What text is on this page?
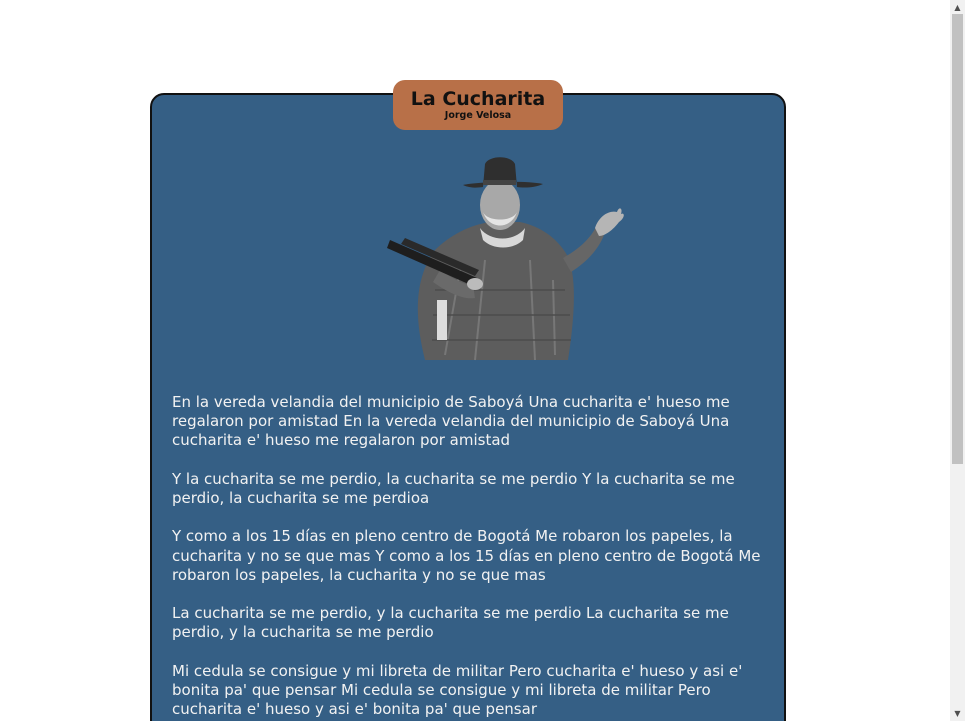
La Cucharita
Jorge Velosa

En la vereda velandia del municipio de Saboyá Una cucharita e' hueso me regalaron por amistad En la vereda velandia del municipio de Saboyá Una cucharita e' hueso me regalaron por amistad

Y la cucharita se me perdio, la cucharita se me perdio Y la cucharita se me perdio, la cucharita se me perdioa

Y como a los 15 días en pleno centro de Bogotá Me robaron los papeles, la cucharita y no se que mas Y como a los 15 días en pleno centro de Bogotá Me robaron los papeles, la cucharita y no se que mas

La cucharita se me perdio, y la cucharita se me perdio La cucharita se me perdio, y la cucharita se me perdio

Mi cedula se consigue y mi libreta de militar Pero cucharita e' hueso y asi e' bonita pa' que pensar Mi cedula se consigue y mi libreta de militar Pero cucharita e' hueso y asi e' bonita pa' que pensar

▲
▼
